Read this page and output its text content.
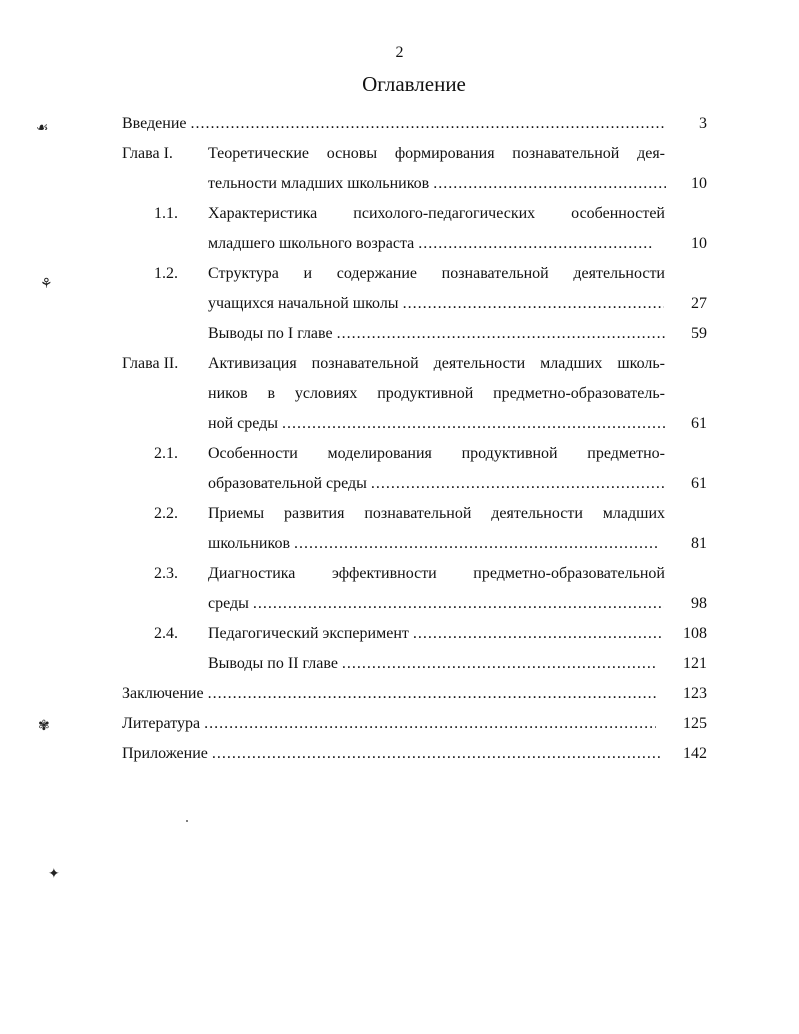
☙
⚘
✾
✦
2
Оглавление
Введение .....	3
Глава I. Теоретические основы формирования познавательной дея-
тельности младших школьников .....	10
1.1. Характеристика психолого-педагогических особенностей
младшего школьного возраста .....	10
1.2. Структура и содержание познавательной деятельности
учащихся начальной школы .....	27
Выводы по I главе .....	59
Глава II. Активизация познавательной деятельности младших школь-
ников в условиях продуктивной предметно-образователь-
ной среды .....	61
2.1. Особенности моделирования продуктивной предметно-
образовательной среды .....	61
2.2. Приемы развития познавательной деятельности младших
школьников .....	81
2.3. Диагностика эффективности предметно-образовательной
среды .....	98
2.4. Педагогический эксперимент .....	108
Выводы по II главе .....	121
Заключение .....	123
Литература .....	125
Приложение .....	142
